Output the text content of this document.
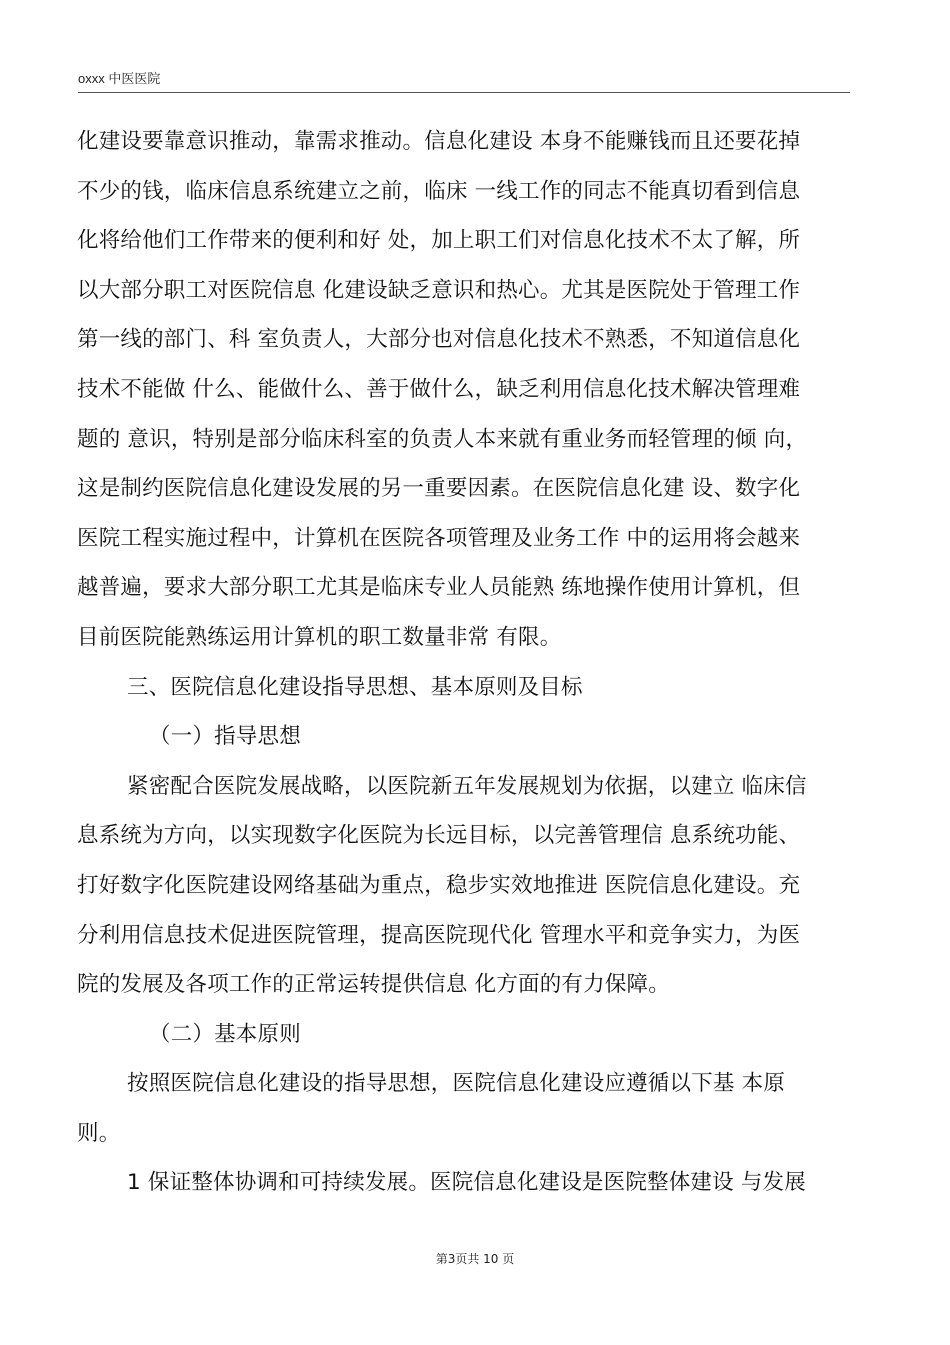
oxxx 中医医院
化建设要靠意识推动，靠需求推动。信息化建设 本身不能赚钱而且还要花掉
不少的钱，临床信息系统建立之前，临床 一线工作的同志不能真切看到信息
化将给他们工作带来的便利和好 处，加上职工们对信息化技术不太了解，所
以大部分职工对医院信息 化建设缺乏意识和热心。尤其是医院处于管理工作
第一线的部门、科 室负责人，大部分也对信息化技术不熟悉，不知道信息化
技术不能做 什么、能做什么、善于做什么，缺乏利用信息化技术解决管理难
题的 意识，特别是部分临床科室的负责人本来就有重业务而轻管理的倾 向，
这是制约医院信息化建设发展的另一重要因素。在医院信息化建 设、数字化
医院工程实施过程中，计算机在医院各项管理及业务工作 中的运用将会越来
越普遍，要求大部分职工尤其是临床专业人员能熟 练地操作使用计算机，但
目前医院能熟练运用计算机的职工数量非常 有限。
三、医院信息化建设指导思想、基本原则及目标
（一）指导思想
紧密配合医院发展战略，以医院新五年发展规划为依据，以建立 临床信
息系统为方向，以实现数字化医院为长远目标，以完善管理信 息系统功能、
打好数字化医院建设网络基础为重点，稳步实效地推进 医院信息化建设。充
分利用信息技术促进医院管理，提高医院现代化 管理水平和竞争实力，为医
院的发展及各项工作的正常运转提供信息 化方面的有力保障。
（二）基本原则
按照医院信息化建设的指导思想，医院信息化建设应遵循以下基 本原
则。
1 保证整体协调和可持续发展。医院信息化建设是医院整体建设 与发展
第3页共 10 页
